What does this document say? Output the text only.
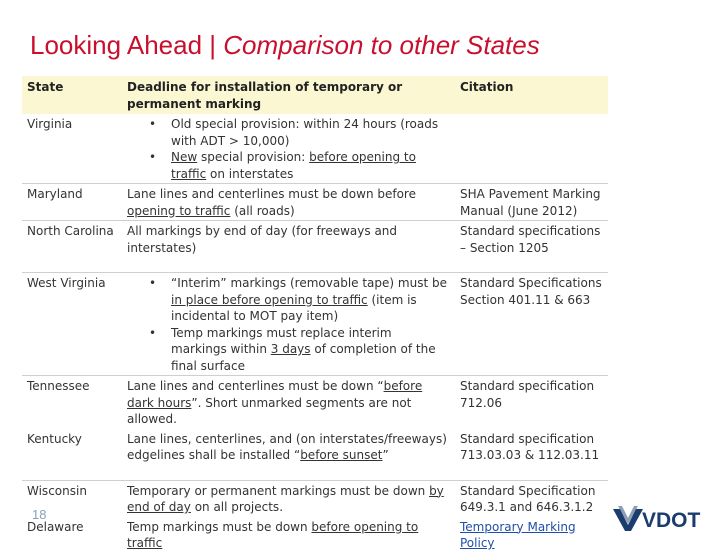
Looking Ahead | Comparison to other States
State	Deadline for installation of temporary or permanent marking	Citation
Virginia	• Old special provision: within 24 hours (roads with ADT > 10,000)
• New special provision: before opening to traffic on interstates

Maryland	Lane lines and centerlines must be down before opening to traffic (all roads)	SHA Pavement Marking Manual (June 2012)
North Carolina	All markings by end of day (for freeways and interstates)	Standard specifications – Section 1205
West Virginia	• “Interim” markings (removable tape) must be in place before opening to traffic (item is incidental to MOT pay item)
• Temp markings must replace interim markings within 3 days of completion of the final surface	Standard Specifications Section 401.11 & 663
Tennessee	Lane lines and centerlines must be down “before dark hours”. Short unmarked segments are not allowed.	Standard specification 712.06
Kentucky	Lane lines, centerlines, and (on interstates/freeways) edgelines shall be installed “before sunset”	Standard specification 713.03.03 & 112.03.11
Wisconsin	Temporary or permanent markings must be down by end of day on all projects.	Standard Specification 649.3.1 and 646.3.1.2
Delaware	Temp markings must be down before opening to traffic	Temporary Marking Policy
18	VDOT
